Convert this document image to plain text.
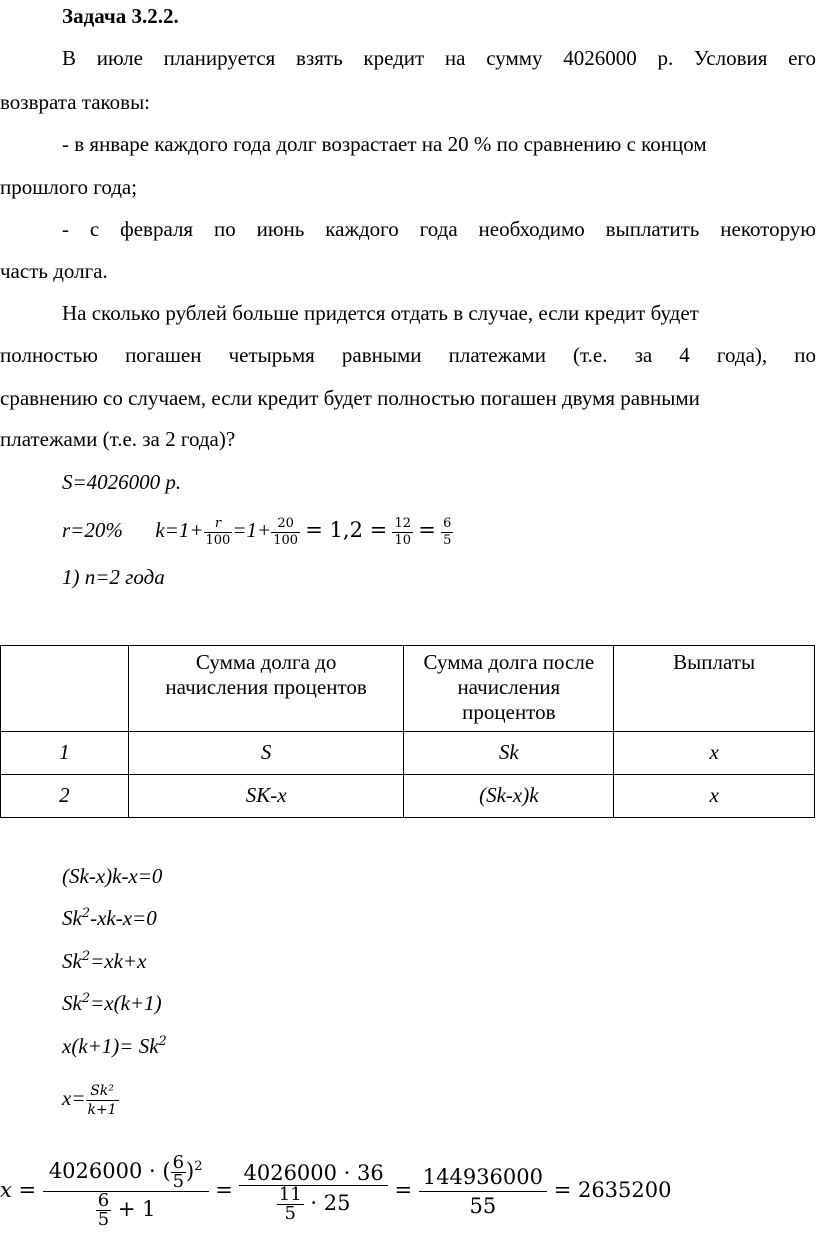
Задача 3.2.2.
В июле планируется взять кредит на сумму 4026000 р. Условия его
возврата таковы:
- в январе каждого года долг возрастает на 20 % по сравнению с концом
прошлого года;
- с февраля по июнь каждого года необходимо выплатить некоторую
часть долга.
На сколько рублей больше придется отдать в случае, если кредит будет
полностью погашен четырьмя равными платежами (т.е. за 4 года), по
сравнению со случаем, если кредит будет полностью погашен двумя равными
платежами (т.е. за 2 года)?
S=4026000 р.
r=20% $k=1+ \frac{r}{100} =1+ \frac{20}{100} = 1,2 = \frac{12}{10} = \frac{6}{5}$
1) n=2 года
	Сумма долга до начисления процентов	Сумма долга после начисления процентов	Выплаты
1	S	Sk	x
2	SK-x	(Sk-x)k	x
(Sk-x)k-x=0
$Sk^2-xk-x=0$
$Sk^2=xk+x$
$Sk^2=x(k+1)$
$x(k+1)= Sk^2$
$x= \frac{\text{Sk²}}{k+1}$
$x = \frac{4026000 \cdot ( \frac{6}{5} )^2}{\frac{6}{5} + 1} = \frac{4026000 \cdot 36}{\frac{11}{5} \cdot 25} = \frac{144936000}{55} = 2635200$
